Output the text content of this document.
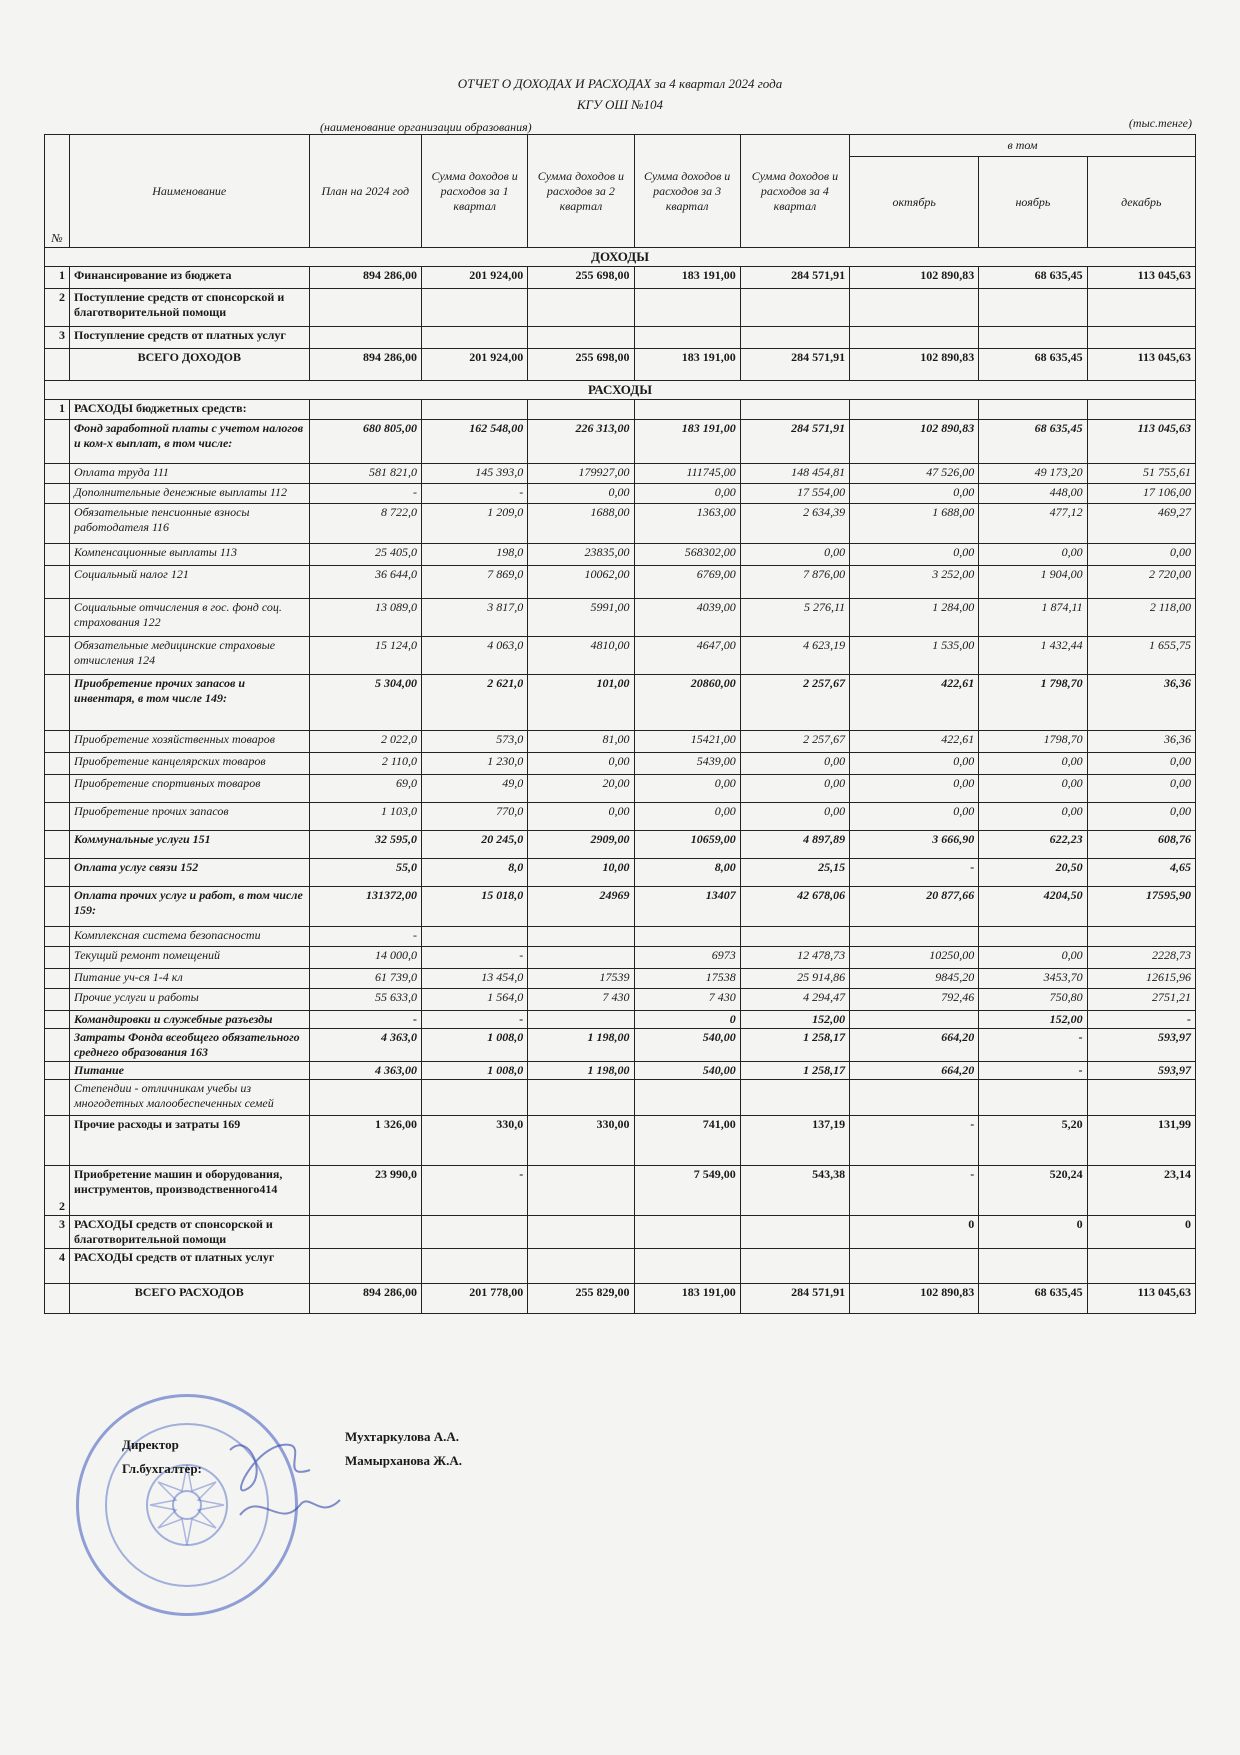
ОТЧЕТ О ДОХОДАХ И РАСХОДАХ за 4 квартал 2024 года
КГУ ОШ №104
(наименование организации образования)	(тыс.тенге)
№	Наименование	План на 2024 год	Сумма доходов и расходов за 1 квартал	Сумма доходов и расходов за 2 квартал	Сумма доходов и расходов за 3 квартал	Сумма доходов и расходов за 4 квартал	в том		
							октябрь	ноябрь	декабрь
ДОХОДЫ									
1	Финансирование из бюджета	894 286,00	201 924,00	255 698,00	183 191,00	284 571,91	102 890,83	68 635,45	113 045,63
2	Поступление средств от спонсорской и благотворительной помощи								
3	Поступление средств от платных услуг								
	ВСЕГО ДОХОДОВ	894 286,00	201 924,00	255 698,00	183 191,00	284 571,91	102 890,83	68 635,45	113 045,63
РАСХОДЫ									
1	РАСХОДЫ бюджетных средств:								
	Фонд заработной платы с учетом налогов и ком-х выплат, в том числе:	680 805,00	162 548,00	226 313,00	183 191,00	284 571,91	102 890,83	68 635,45	113 045,63
	Оплата труда 111	581 821,0	145 393,0	179927,00	111745,00	148 454,81	47 526,00	49 173,20	51 755,61
	Дополнительные денежные выплаты 112	-	-	0,00	0,00	17 554,00	0,00	448,00	17 106,00
	Обязательные пенсионные взносы работодателя 116	8 722,0	1 209,0	1688,00	1363,00	2 634,39	1 688,00	477,12	469,27
	Компенсационные выплаты 113	25 405,0	198,0	23835,00	568302,00	0,00	0,00	0,00	0,00
	Социальный налог 121	36 644,0	7 869,0	10062,00	6769,00	7 876,00	3 252,00	1 904,00	2 720,00
	Социальные отчисления в гос. фонд соц. страхования 122	13 089,0	3 817,0	5991,00	4039,00	5 276,11	1 284,00	1 874,11	2 118,00
	Обязательные медицинские страховые отчисления 124	15 124,0	4 063,0	4810,00	4647,00	4 623,19	1 535,00	1 432,44	1 655,75
	Приобретение прочих запасов и инвентаря, в том числе 149:	5 304,00	2 621,0	101,00	20860,00	2 257,67	422,61	1 798,70	36,36
	Приобретение хозяйственных товаров	2 022,0	573,0	81,00	15421,00	2 257,67	422,61	1798,70	36,36
	Приобретение канцелярских товаров	2 110,0	1 230,0	0,00	5439,00	0,00	0,00	0,00	0,00
	Приобретение спортивных товаров	69,0	49,0	20,00	0,00	0,00	0,00	0,00	0,00
	Приобретение прочих запасов	1 103,0	770,0	0,00	0,00	0,00	0,00	0,00	0,00
	Коммунальные услуги 151	32 595,0	20 245,0	2909,00	10659,00	4 897,89	3 666,90	622,23	608,76
	Оплата услуг связи 152	55,0	8,0	10,00	8,00	25,15	-	20,50	4,65
	Оплата прочих услуг и работ, в том числе 159:	131372,00	15 018,0	24969	13407	42 678,06	20 877,66	4204,50	17595,90
	Комплексная система безопасности	-							
	Текущий ремонт помещений	14 000,0	-		6973	12 478,73	10250,00	0,00	2228,73
	Питание уч-ся 1-4 кл	61 739,0	13 454,0	17539	17538	25 914,86	9845,20	3453,70	12615,96
	Прочие услуги и работы	55 633,0	1 564,0	7 430	7 430	4 294,47	792,46	750,80	2751,21
	Командировки и служебные разъезды	-	-		0	152,00		152,00	-
	Затраты Фонда всеобщего обязательного среднего образования 163	4 363,0	1 008,0	1 198,00	540,00	1 258,17	664,20	-	593,97
	Питание	4 363,00	1 008,0	1 198,00	540,00	1 258,17	664,20	-	593,97
	Степендии - отличникам учебы из многодетных малообеспеченных семей								
	Прочие расходы и затраты 169	1 326,00	330,0	330,00	741,00	137,19	-	5,20	131,99
2	Приобретение машин и оборудования, инструментов, производственного414	23 990,0	-		7 549,00	543,38	-	520,24	23,14
3	РАСХОДЫ средств от спонсорской и благотворительной помощи						0	0	0
4	РАСХОДЫ средств от платных услуг								
	ВСЕГО РАСХОДОВ	894 286,00	201 778,00	255 829,00	183 191,00	284 571,91	102 890,83	68 635,45	113 045,63
Директор
Мухтаркулова А.А.
Гл.бухгалтер:
Мамырханова Ж.А.
